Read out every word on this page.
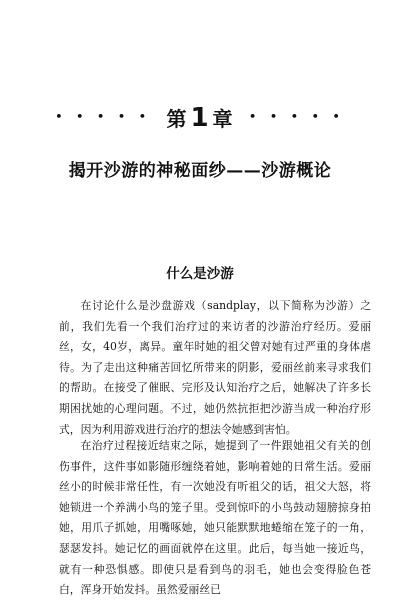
• • • • • 第 1 章 • • • • •
揭开沙游的神秘面纱——沙游概论
什么是沙游

在讨论什么是沙盘游戏（sandplay，以下简称为沙游）之前，我们先看一个我们治疗过的来访者的沙游治疗经历。爱丽丝，女，40岁，离异。童年时她的祖父曾对她有过严重的身体虐待。为了走出这种痛苦回忆所带来的阴影，爱丽丝前来寻求我们的帮助。在接受了催眠、完形及认知治疗之后，她解决了许多长期困扰她的心理问题。不过，她仍然抗拒把沙游当成一种治疗形式，因为利用游戏进行治疗的想法令她感到害怕。

在治疗过程接近结束之际，她提到了一件跟她祖父有关的创伤事件，这件事如影随形缠绕着她，影响着她的日常生活。爱丽丝小的时候非常任性，有一次她没有听祖父的话，祖父大怒，将她锁进一个养满小鸟的笼子里。受到惊吓的小鸟鼓动翅膀掠身拍她，用爪子抓她，用嘴啄她，她只能默默地蜷缩在笼子的一角，瑟瑟发抖。她记忆的画面就停在这里。此后，每当她一接近鸟，就有一种恐惧感。即使只是看到鸟的羽毛，她也会变得脸色苍白，浑身开始发抖。虽然爱丽丝已
